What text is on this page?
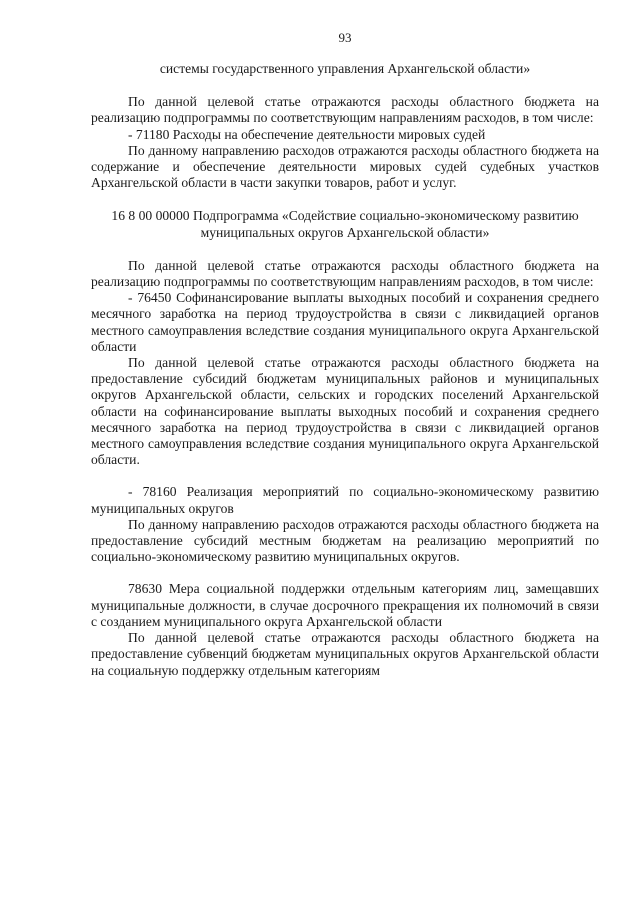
93

системы государственного управления Архангельской области»

По данной целевой статье отражаются расходы областного бюджета на реализацию подпрограммы по соответствующим направлениям расходов, в том числе:

- 71180 Расходы на обеспечение деятельности мировых судей

По данному направлению расходов отражаются расходы областного бюджета на содержание и обеспечение деятельности мировых судей судебных участков Архангельской области в части закупки товаров, работ и услуг.

16 8 00 00000 Подпрограмма «Содействие социально-экономическому развитию муниципальных округов Архангельской области»

По данной целевой статье отражаются расходы областного бюджета на реализацию подпрограммы по соответствующим направлениям расходов, в том числе:

- 76450 Софинансирование выплаты выходных пособий и сохранения среднего месячного заработка на период трудоустройства в связи с ликвидацией органов местного самоуправления вследствие создания муниципального округа Архангельской области

По данной целевой статье отражаются расходы областного бюджета на предоставление субсидий бюджетам муниципальных районов и муниципальных округов Архангельской области, сельских и городских поселений Архангельской области на софинансирование выплаты выходных пособий и сохранения среднего месячного заработка на период трудоустройства в связи с ликвидацией органов местного самоуправления вследствие создания муниципального округа Архангельской области.

- 78160 Реализация мероприятий по социально-экономическому развитию муниципальных округов

По данному направлению расходов отражаются расходы областного бюджета на предоставление субсидий местным бюджетам на реализацию мероприятий по социально-экономическому развитию муниципальных округов.

78630 Мера социальной поддержки отдельным категориям лиц, замещавших муниципальные должности, в случае досрочного прекращения их полномочий в связи с созданием муниципального округа Архангельской области

По данной целевой статье отражаются расходы областного бюджета на предоставление субвенций бюджетам муниципальных округов Архангельской области на социальную поддержку отдельным категориям
